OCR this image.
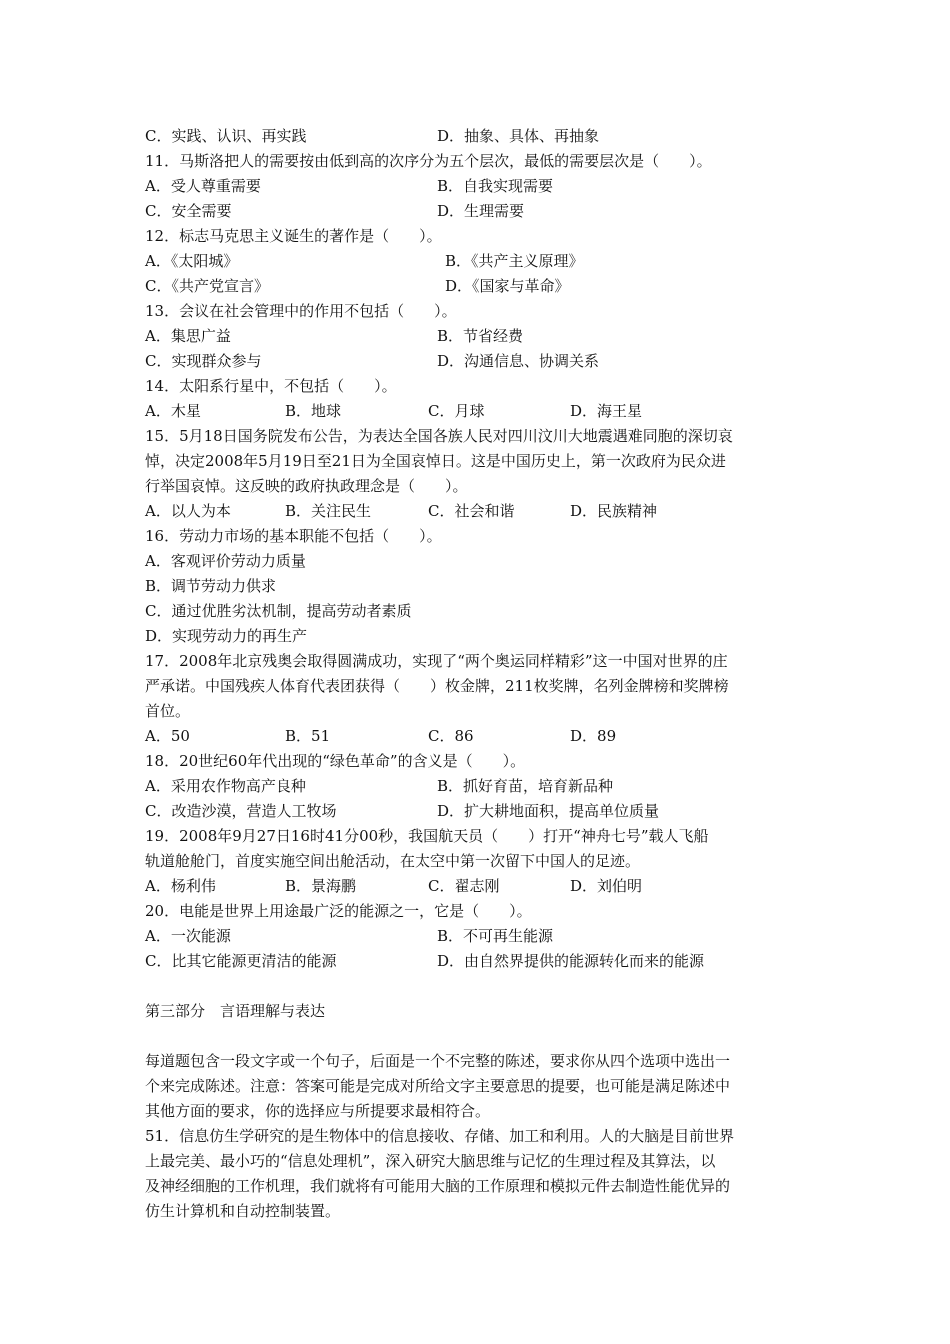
C．实践、认识、再实践	D．抽象、具体、再抽象
11．马斯洛把人的需要按由低到高的次序分为五个层次，最低的需要层次是（　　）。
A．受人尊重需要	B．自我实现需要
C．安全需要	D．生理需要
12．标志马克思主义诞生的著作是（　　）。
A．《太阳城》	B．《共产主义原理》
C．《共产党宣言》	D．《国家与革命》
13．会议在社会管理中的作用不包括（　　）。
A．集思广益	B．节省经费
C．实现群众参与	D．沟通信息、协调关系
14．太阳系行星中，不包括（　　）。
A．木星	B．地球	C．月球	D．海王星
15．5月18日国务院发布公告，为表达全国各族人民对四川汶川大地震遇难同胞的深切哀
悼，决定2008年5月19日至21日为全国哀悼日。这是中国历史上，第一次政府为民众进
行举国哀悼。这反映的政府执政理念是（　　）。
A．以人为本	B．关注民生	C．社会和谐	D．民族精神
16．劳动力市场的基本职能不包括（　　）。
A．客观评价劳动力质量
B．调节劳动力供求
C．通过优胜劣汰机制，提高劳动者素质
D．实现劳动力的再生产
17．2008年北京残奥会取得圆满成功，实现了“两个奥运同样精彩”这一中国对世界的庄
严承诺。中国残疾人体育代表团获得（　　）枚金牌，211枚奖牌，名列金牌榜和奖牌榜
首位。
A．50	B．51	C．86	D．89
18．20世纪60年代出现的“绿色革命”的含义是（　　）。
A．采用农作物高产良种	B．抓好育苗，培育新品种
C．改造沙漠，营造人工牧场	D．扩大耕地面积，提高单位质量
19．2008年9月27日16时41分00秒，我国航天员（　　）打开“神舟七号”载人飞船
轨道舱舱门，首度实施空间出舱活动，在太空中第一次留下中国人的足迹。
A．杨利伟	B．景海鹏	C．翟志刚	D．刘伯明
20．电能是世界上用途最广泛的能源之一，它是（　　）。
A．一次能源	B．不可再生能源
C．比其它能源更清洁的能源	D．由自然界提供的能源转化而来的能源
第三部分　言语理解与表达
每道题包含一段文字或一个句子，后面是一个不完整的陈述，要求你从四个选项中选出一
个来完成陈述。注意：答案可能是完成对所给文字主要意思的提要，也可能是满足陈述中
其他方面的要求，你的选择应与所提要求最相符合。
51．信息仿生学研究的是生物体中的信息接收、存储、加工和利用。人的大脑是目前世界
上最完美、最小巧的“信息处理机”，深入研究大脑思维与记忆的生理过程及其算法，以
及神经细胞的工作机理，我们就将有可能用大脑的工作原理和模拟元件去制造性能优异的
仿生计算机和自动控制装置。
